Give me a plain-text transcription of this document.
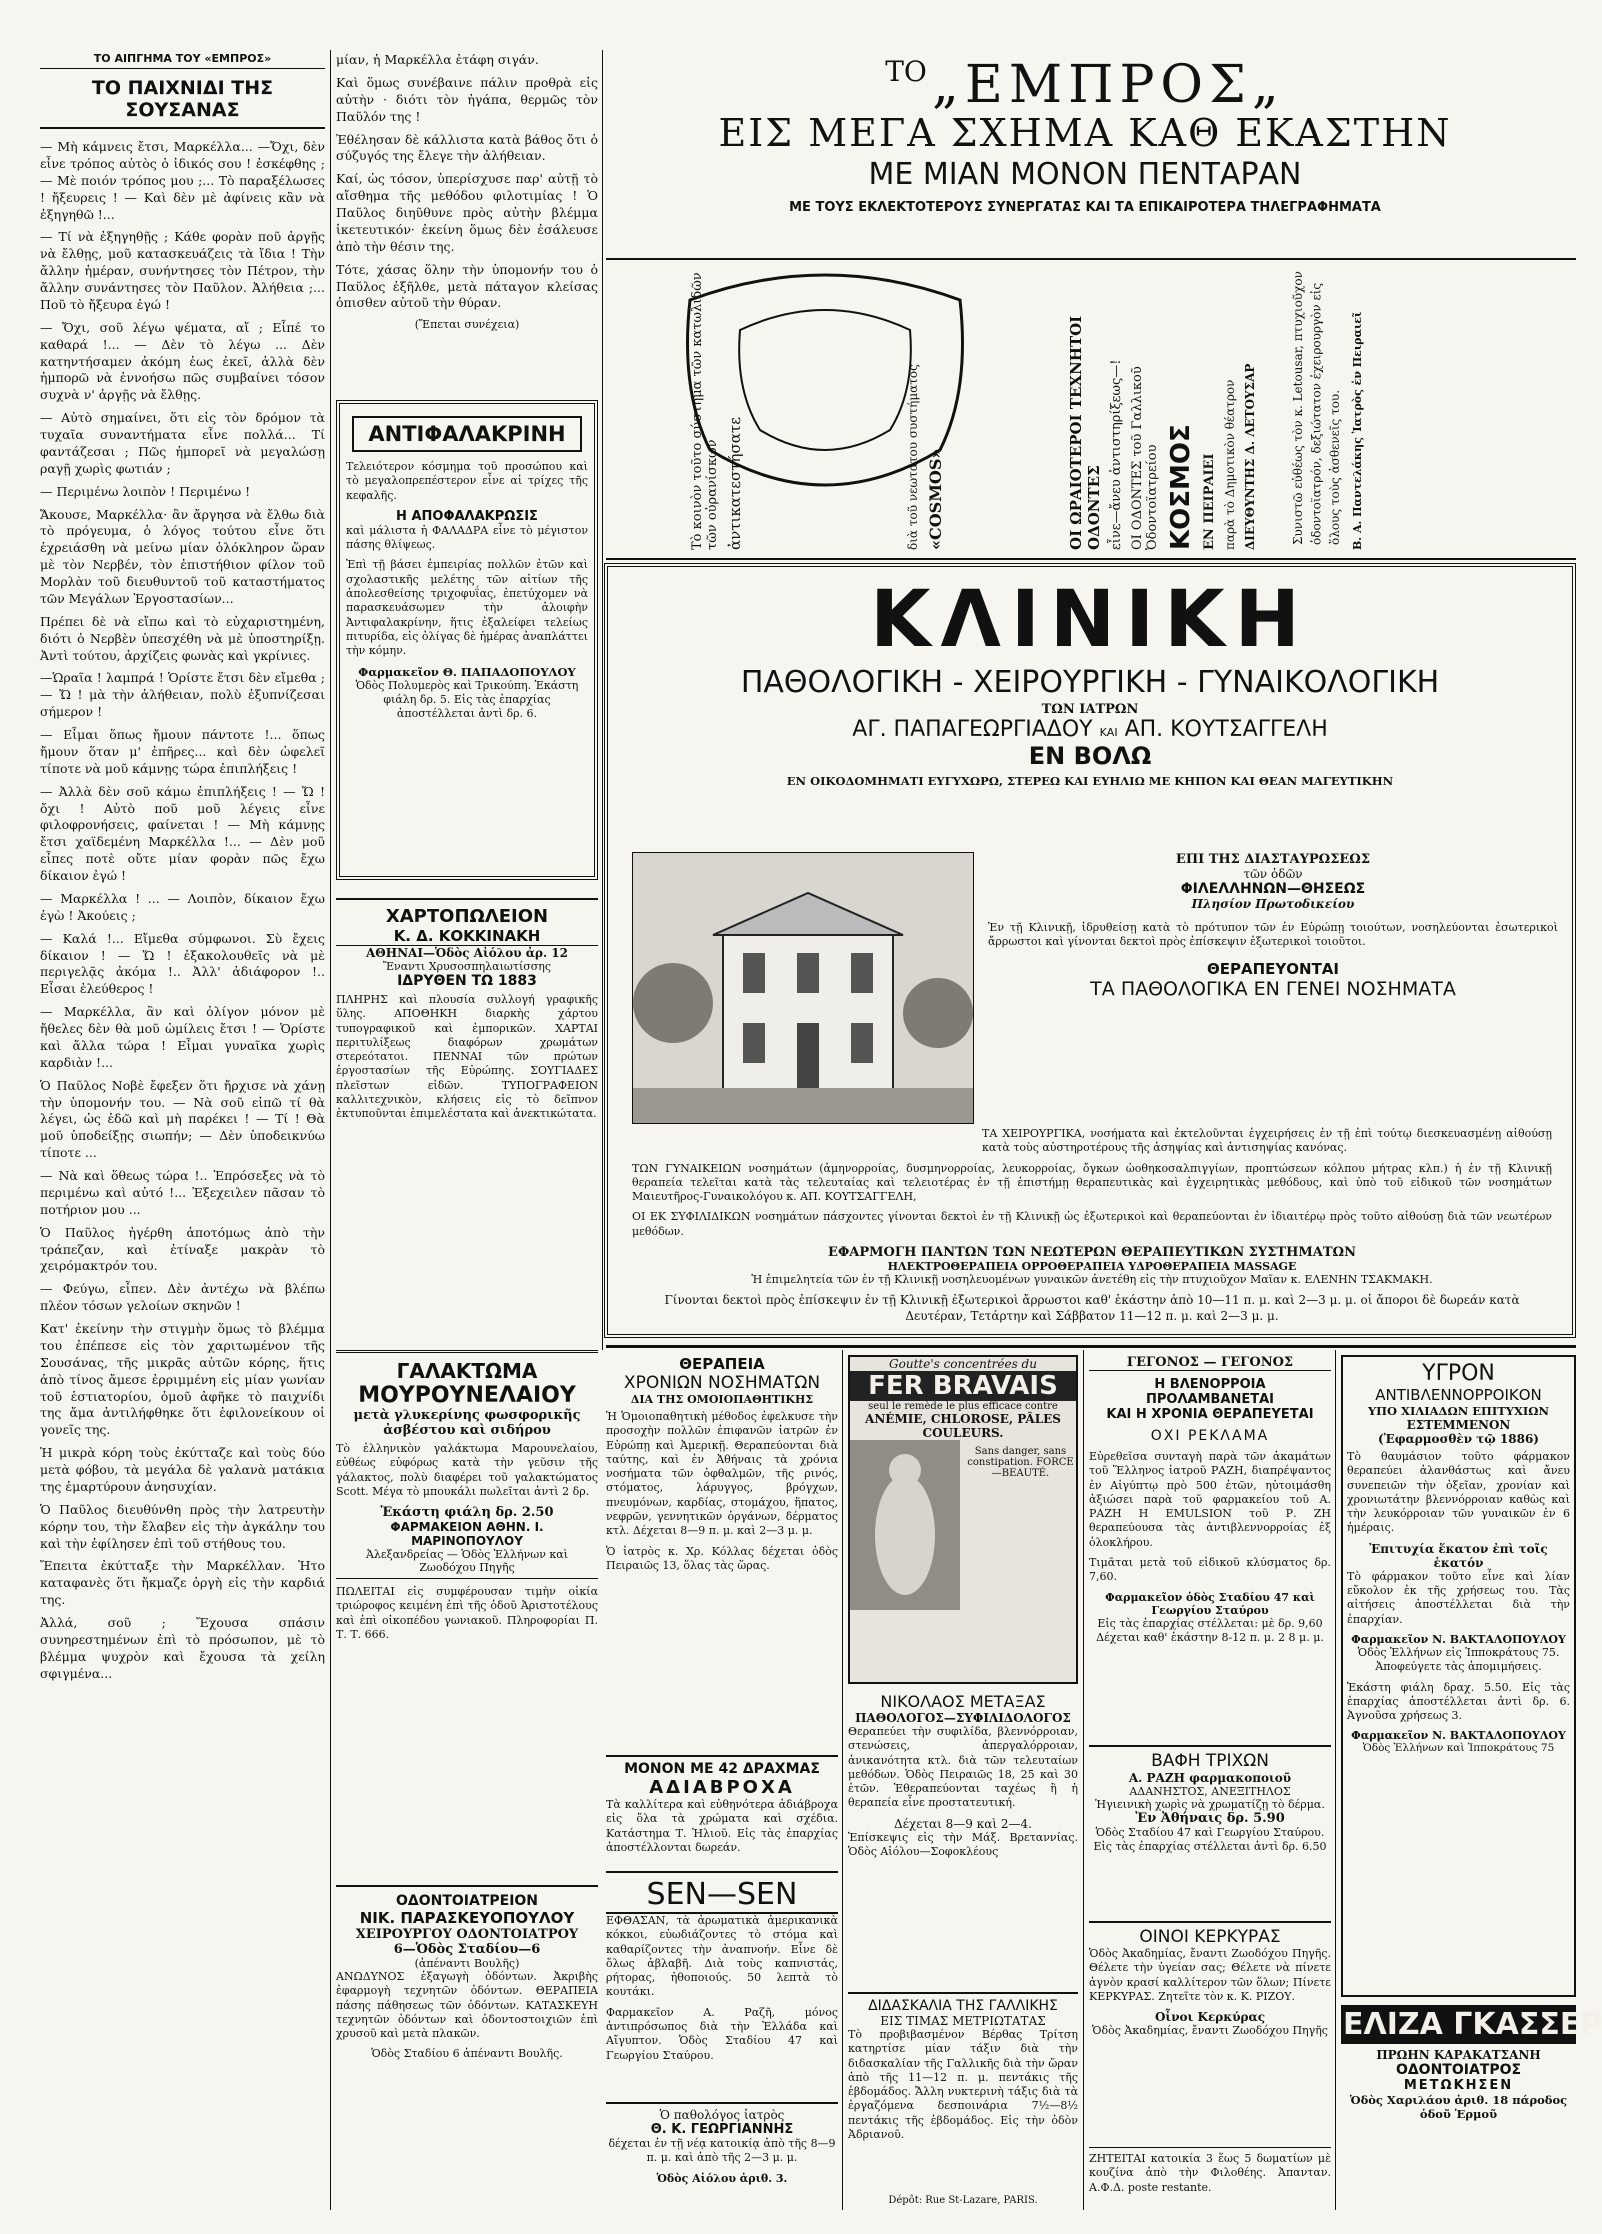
ΤΟ ΑΙΠΓΗΜΑ ΤΟΥ «ΕΜΠΡΟΣ»
ΤΟ ΠΑΙΧΝΙΔΙ ΤΗΣ ΣΟΥΣΑΝΑΣ

— Μὴ κάμνεις ἔτσι, Μαρκέλλα... —Ὄχι, δὲν εἶνε τρόπος αὐτὸς ὁ ἰδικός σου ! ἐσκέφθης ; — Μὲ ποιόν τρόπος μου ;... Τὸ παραξέλωσες ! ἤξευρεις ! — Καὶ δὲν μὲ ἀφίνεις κἂν νὰ ἐξηγηθῶ !...

— Τί νὰ ἐξηγηθῇς ; Κάθε φορὰν ποῦ ἀργῇς νὰ ἔλθῃς, μοῦ κατασκευάζεις τὰ ἴδια ! Τὴν ἄλλην ἡμέραν, συνήντησες τὸν Πέτρον, τὴν ἄλλην συνάντησες τὸν Παῦλον. Ἀλήθεια ;... Ποῦ τὸ ἤξευρα ἐγώ !

— Ὄχι, σοῦ λέγω ψέματα, αἴ ; Εἶπέ το καθαρά !... — Δὲν τὸ λέγω ... Δὲν κατηντήσαμεν ἀκόμη ἐως ἐκεῖ, ἀλλὰ δὲν ἠμπορῶ νὰ ἐννοήσω πῶς συμβαίνει τόσον συχνὰ ν' ἀργῇς νὰ ἔλθῃς.

— Αὐτὸ σημαίνει, ὅτι εἰς τὸν δρόμον τὰ τυχαῖα συναντήματα εἶνε πολλά... Τί φαντάζεσαι ; Πῶς ἠμπορεῖ νὰ μεγαλώσῃ ραγῇ χωρὶς φωτιάν ;

— Περιμένω λοιπὸν ! Περιμένω !

Ἄκουσε, Μαρκέλλα· ἂν ἄργησα νὰ ἔλθω διὰ τὸ πρόγευμα, ὁ λόγος τούτου εἶνε ὅτι ἐχρειάσθη νὰ μείνω μίαν ὁλόκληρον ὥραν μὲ τὸν Νερβέν, τὸν ἐπιστήθιον φίλον τοῦ Μορλὰν τοῦ διευθυντοῦ τοῦ καταστήματος τῶν Μεγάλων Ἐργοστασίων...

Πρέπει δὲ νὰ εἴπω καὶ τὸ εὐχαριστημένη, διότι ὁ Νερβὲν ὑπεσχέθη νὰ μὲ ὑποστηρίξῃ. Ἀντὶ τούτου, ἀρχίζεις φωνὰς καὶ γκρίνιες.

—Ὡραῖα ! λαμπρά ! Ὁρίστε ἔτσι δὲν εἴμεθα ; — Ὤ ! μὰ τὴν ἀλήθειαν, πολὺ ἐξυπνίζεσαι σήμερον !

— Εἶμαι ὅπως ἤμουν πάντοτε !... ὅπως ἤμουν ὅταν μ' ἐπῆρες... καὶ δὲν ὠφελεῖ τίποτε νὰ μοῦ κάμνῃς τώρα ἐπιπλήξεις !

— Ἀλλὰ δὲν σοῦ κάμω ἐπιπλήξεις ! — Ὤ ! ὄχι ! Αὐτὸ ποῦ μοῦ λέγεις εἶνε φιλοφρονήσεις, φαίνεται ! — Μὴ κάμνῃς ἔτσι χαϊδεμένη Μαρκέλλα !... — Δὲν μοῦ εἶπες ποτὲ οὔτε μίαν φορὰν πῶς ἔχω δίκαιον ἐγώ !

— Μαρκέλλα ! ... — Λοιπὸν, δίκαιον ἔχω ἐγὼ ! Ἀκούεις ;

— Καλά !... Εἴμεθα σύμφωνοι. Σὺ ἔχεις δίκαιον ! — Ὤ ! ἐξακολουθεῖς νὰ μὲ περιγελᾷς ἀκόμα !.. Ἀλλ' ἀδιάφορον !.. Εἶσαι ἐλεύθερος !

— Μαρκέλλα, ἂν καὶ ὀλίγον μόνον μὲ ἤθελες δὲν θὰ μοῦ ὡμίλεις ἔτσι ! — Ὁρίστε καὶ ἄλλα τώρα ! Εἶμαι γυναῖκα χωρὶς καρδιὰν !...

Ὁ Παῦλος Νοβὲ ἔφεξεν ὅτι ἤρχισε νὰ χάνῃ τὴν ὑπομονήν του. — Νὰ σοῦ εἰπῶ τί θὰ λέγει, ὡς ἐδῶ καὶ μὴ παρέκει ! — Τί ! Θὰ μοῦ ὑποδείξῃς σιωπήν; — Δὲν ὑποδεικνύω τίποτε ...

— Νὰ καὶ ὅθεως τώρα !.. Ἐπρόσεξες νὰ τὸ περιμένω καὶ αὐτό !... Ἐξεχειλεν πᾶσαν τὸ ποτήριον μου ...

Ὁ Παῦλος ἠγέρθη ἀποτόμως ἀπὸ τὴν τράπεζαν, καὶ ἐτίναξε μακρὰν τὸ χειρόμακτρόν του.

— Φεύγω, εἶπεν. Δὲν ἀντέχω νὰ βλέπω πλέον τόσων γελοίων σκηνῶν !

Κατ' ἐκείνην τὴν στιγμὴν ὅμως τὸ βλέμμα του ἐπέπεσε εἰς τὸν χαριτωμένον τῆς Σουσάνας, τῆς μικρᾶς αὐτῶν κόρης, ἥτις ἀπὸ τίνος ἄμεσε ἐρριμμένη εἰς μίαν γωνίαν τοῦ ἑστιατορίου, ὁμοῦ ἀφῆκε τὸ παιχνίδι της ἄμα ἀντιλήφθηκε ὅτι ἐφιλονείκουν οἱ γονεῖς της.

Ἡ μικρὰ κόρη τοὺς ἐκύτταζε καὶ τοὺς δύο μετὰ φόβου, τὰ μεγάλα δὲ γαλανὰ ματάκια της ἐμαρτύρουν ἀνησυχίαν.

Ὁ Παῦλος διευθύνθη πρὸς τὴν λατρευτὴν κόρην του, τὴν ἔλαβεν εἰς τὴν ἀγκάλην του καὶ τὴν ἐφίλησεν ἐπὶ τοῦ στήθους του.

Ἔπειτα ἐκύτταξε τὴν Μαρκέλλαν. Ἡτο καταφανὲς ὅτι ἤκμαζε ὀργὴ εἰς τὴν καρδιά της.

Ἀλλά, σοῦ ; Ἔχουσα σπάσιν συνηρεστημένων ἐπὶ τὸ πρόσωπον, μὲ τὸ βλέμμα ψυχρὸν καὶ ἔχουσα τὰ χείλη σφιγμένα...

μίαν, ἡ Μαρκέλλα ἐτάφη σιγάν.

Καὶ ὅμως συνέβαινε πάλιν προθρὰ εἰς αὐτὴν · διότι τὸν ἠγάπα, θερμῶς τὸν Παῦλόν της !

Ἐθέλησαν δὲ κάλλιστα κατὰ βάθος ὅτι ὁ σύζυγός της ἔλεγε τὴν ἀλήθειαν.

Καί, ὡς τόσον, ὑπερίσχυσε παρ' αὐτῇ τὸ αἴσθημα τῆς μεθόδου φιλοτιμίας ! Ὁ Παῦλος διηῦθυνε πρὸς αὐτὴν βλέμμα ἱκετευτικόν· ἐκείνη ὅμως δὲν ἐσάλευσε ἀπὸ τὴν θέσιν της.

Τότε, χάσας ὅλην τὴν ὑπομονήν του ὁ Παῦλος ἐξῆλθε, μετὰ πάταγον κλείσας ὀπισθεν αὐτοῦ τὴν θύραν.

(Ἔπεται συνέχεια)

ΑΝΤΙΦΑΛΑΚΡΙΝΗ

Τελειότερον κόσμημα τοῦ προσώπου καὶ τὸ μεγαλοπρεπέστερον εἶνε αἱ τρίχες τῆς κεφαλῆς.

Η ΑΠΟΦΑΛΑΚΡΩΣΙΣ

καὶ μάλιστα ἡ ΦΑΛΑΔΡΑ εἶνε τὸ μέγιστον πάσης θλίψεως.

Ἐπὶ τῇ βάσει ἐμπειρίας πολλῶν ἐτῶν καὶ σχολαστικῆς μελέτης τῶν αἰτίων τῆς ἀπολεσθείσης τριχοφυΐας, ἐπετύχομεν νὰ παρασκευάσωμεν τὴν ἀλοιφὴν Ἀντιφαλακρίνην, ἥτις ἐξαλείφει τελείως πιτυρίδα, εἰς ὀλίγας δὲ ἡμέρας ἀναπλάττει τὴν κόμην.

Φαρμακεῖον Θ. ΠΑΠΑΔΟΠΟΥΛΟΥ

Ὁδὸς Πολυμερὸς καὶ Τρικούπη. Ἑκάστη φιάλη δρ. 5. Εἰς τὰς ἐπαρχίας ἀποστέλλεται ἀντὶ δρ. 6.

ΧΑΡΤΟΠΩΛΕΙΟΝ
Κ. Δ. ΚΟΚΚΙΝΑΚΗ
ΑΘΗΝΑΙ—Ὁδὸς Αἰόλου ἀρ. 12
Ἔναντι Χρυσοσπηλαιωτίσσης
ΙΔΡΥΘΕΝ ΤΩ 1883

ΠΛΗΡΗΣ καὶ πλουσία συλλογή γραφικῆς ὕλης. ΑΠΟΘΗΚΗ διαρκὴς χάρτου τυπογραφικοῦ καὶ ἐμπορικῶν. ΧΑΡΤΑΙ περιτυλίξεως διαφόρων χρωμάτων στερεότατοι. ΠΕΝΝΑΙ τῶν πρώτων ἐργοστασίων τῆς Εὐρώπης. ΣΟΥΓΙΑΔΕΣ πλεῖστων εἰδῶν. ΤΥΠΟΓΡΑΦΕΙΟΝ καλλιτεχνικὸν, κλήσεις εἰς τὸ δεῖπνον ἐκτυποῦνται ἐπιμελέστατα καὶ ἀνεκτικώτατα.

ΓΑΛΑΚΤΩΜΑ
ΜΟΥΡΟΥΝΕΛΑΙΟΥ
μετὰ γλυκερίνης φωσφορικῆς ἀσβέστου καὶ σιδήρου

Τὸ ἐλληνικὸν γαλάκτωμα Μαρουνελαίου, εὐθέως εὐφόρως κατὰ τὴν γεῦσιν τῆς γάλακτος, πολὺ διαφέρει τοῦ γαλακτώματος Scott. Μέγα τὸ μπουκάλι πωλεῖται ἀντὶ 2 δρ.

Ἑκάστη φιάλη δρ. 2.50
ΦΑΡΜΑΚΕΙΟΝ ΑΘΗΝ. Ι. ΜΑΡΙΝΟΠΟΥΛΟΥ
Ἀλεξανδρείας — Ὁδὸς Ἑλλήνων καὶ Ζωοδόχου Πηγῆς

ΠΩΛΕΙΤΑΙ εἰς συμφέρουσαν τιμὴν οἰκία τριώροφος κειμένη ἐπὶ τῆς ὁδοῦ Ἀριστοτέλους καὶ ἐπὶ οἰκοπέδου γωνιακοῦ. Πληροφορίαι Π. Τ. Τ. 666.

ΟΔΟΝΤΟΙΑΤΡΕΙΟΝ
ΝΙΚ. ΠΑΡΑΣΚΕΥΟΠΟΥΛΟΥ
ΧΕΙΡΟΥΡΓΟΥ ΟΔΟΝΤΟΙΑΤΡΟΥ
6—Ὁδὸς Σταδίου—6
(ἀπέναντι Βουλῆς)

ΑΝΩΔΥΝΟΣ ἐξαγωγὴ ὀδόντων. Ἀκριβὴς ἐφαρμογὴ τεχνητῶν ὀδόντων. ΘΕΡΑΠΕΙΑ πάσης πάθησεως τῶν ὀδόντων. ΚΑΤΑΣΚΕΥΗ τεχνητῶν ὀδόντων καὶ ὀδοντοστοιχιῶν ἐπὶ χρυσοῦ καὶ μετὰ πλακῶν.

Ὁδὸς Σταδίου 6 ἀπέναντι Βουλῆς.
ΤΟ „ΕΜΠΡΟΣ„
ΕΙΣ ΜΕΓΑ ΣΧΗΜΑ ΚΑΘ ΕΚΑΣΤΗΝ
ΜΕ ΜΙΑΝ ΜΟΝΟΝ ΠΕΝΤΑΡΑΝ
ΜΕ ΤΟΥΣ ΕΚΛΕΚΤΟΤΕΡΟΥΣ ΣΥΝΕΡΓΑΤΑΣ ΚΑΙ ΤΑ ΕΠΙΚΑΙΡΟΤΕΡΑ ΤΗΛΕΓΡΑΦΗΜΑΤΑ
Τὸ κοινὸν τοῦτο σύστημα τῶν κατωλιδῶν τῶν οὐρανίσκων ἀντικατεστήσατε	διὰ τοῦ νεωτάτου συστήματος «COSMOS»	ΟΙ ΩΡΑΙΟΤΕΡΟΙ ΤΕΧΝΗΤΟΙ ΟΔΟΝΤΕΣ εἶνε—ἄνευ ἀντιστηρίξεως—! ΟΙ ΟΔΟΝΤΕΣ τοῦ Γαλλικοῦ Ὀδοντοϊατρείου ΚΟΣΜΟΣ ΕΝ ΠΕΙΡΑΙΕΙ παρὰ τὸ Δημοτικὸν θέατρον ΔΙΕΥΘΥΝΤΗΣ Δ. ΛΕΤΟΥΣΑΡ	Συνιστῶ εὐθέως τὸν κ. Letousar, πτυχιοῦχον ὀδοντοϊατρόν, δεξιώτατον ἐχειρουργὸν εἰς ὅλους τοὺς ἀσθενεῖς του. Β. Α. Παντελάκης Ἰατρὸς ἐν Πειραιεῖ
ΚΛΙΝΙΚΗ
ΠΑΘΟΛΟΓΙΚΗ - ΧΕΙΡΟΥΡΓΙΚΗ - ΓΥΝΑΙΚΟΛΟΓΙΚΗ
ΤΩΝ ΙΑΤΡΩΝ
ΑΓ. ΠΑΠΑΓΕΩΡΓΙΑΔΟΥ ΚΑΙ ΑΠ. ΚΟΥΤΣΑΓΓΕΛΗ
ΕΝ ΒΟΛΩ
ΕΝ ΟΙΚΟΔΟΜΗΜΑΤΙ ΕΥΓΥΧΩΡΩ, ΣΤΕΡΕΩ ΚΑΙ ΕΥΗΛΙΩ ΜΕ ΚΗΠΟΝ ΚΑΙ ΘΕΑΝ ΜΑΓΕΥΤΙΚΗΝ
ΕΠΙ ΤΗΣ ΔΙΑΣΤΑΥΡΩΣΕΩΣ
τῶν ὁδῶν
ΦΙΛΕΛΛΗΝΩΝ—ΘΗΣΕΩΣ
Πλησίον Πρωτοδικείου

Ἐν τῇ Κλινικῇ, ἱδρυθείσῃ κατὰ τὸ πρότυπον τῶν ἐν Εὐρώπῃ τοιούτων, νοσηλεύονται ἐσωτερικοὶ ἄρρωστοι καὶ γίνονται δεκτοὶ πρὸς ἐπίσκεψιν ἐξωτερικοὶ τοιοῦτοι.

ΘΕΡΑΠΕΥΟΝΤΑΙ
ΤΑ ΠΑΘΟΛΟΓΙΚΑ ΕΝ ΓΕΝΕΙ ΝΟΣΗΜΑΤΑ

ΤΑ ΧΕΙΡΟΥΡΓΙΚΑ, νοσήματα καὶ ἐκτελοῦνται ἐγχειρήσεις ἐν τῇ ἐπὶ τούτῳ διεσκευασμένῃ αἰθούσῃ κατὰ τοὺς αὐστηροτέρους τῆς ἀσηψίας καὶ ἀντισηψίας κανόνας.

ΤΩΝ ΓΥΝΑΙΚΕΙΩΝ νοσημάτων (ἀμηνορροίας, δυσμηνορροίας, λευκορροίας, ὄγκων ὠοθηκοσαλπιγγίων, προπτώσεων κόλπου μήτρας κλπ.) ἡ ἐν τῇ Κλινικῇ θεραπεία τελεῖται κατὰ τὰς τελευταίας καὶ τελειοτέρας ἐν τῇ ἐπιστήμῃ θεραπευτικὰς καὶ ἐγχειρητικὰς μεθόδους, καὶ ὑπὸ τοῦ εἰδικοῦ τῶν νοσημάτων Μαιευτῆρος-Γυναικολόγου κ. ΑΠ. ΚΟΥΤΣΑΓΓΕΛΗ,

ΟΙ ΕΚ ΣΥΦΙΛΙΔΙΚΩΝ νοσημάτων πάσχοντες γίνονται δεκτοὶ ἐν τῇ Κλινικῇ ὡς ἐξωτερικοὶ καὶ θεραπεύονται ἐν ἰδιαιτέρῳ πρὸς τοῦτο αἰθούσῃ διὰ τῶν νεωτέρων μεθόδων.

ΕΦΑΡΜΟΓΗ ΠΑΝΤΩΝ ΤΩΝ ΝΕΩΤΕΡΩΝ ΘΕΡΑΠΕΥΤΙΚΩΝ ΣΥΣΤΗΜΑΤΩΝ
ΗΛΕΚΤΡΟΘΕΡΑΠΕΙΑ ΟΡΡΟΘΕΡΑΠΕΙΑ ΥΔΡΟΘΕΡΑΠΕΙΑ MASSAGE

Ἡ ἐπιμελητεία τῶν ἐν τῇ Κλινικῇ νοσηλευομένων γυναικῶν ἀνετέθη εἰς τὴν πτυχιοῦχον Μαῖαν κ. ΕΛΕΝΗΝ ΤΣΑΚΜΑΚΗ.

Γίνονται δεκτοὶ πρὸς ἐπίσκεψιν ἐν τῇ Κλινικῇ ἐξωτερικοὶ ἄρρωστοι καθ' ἑκάστην ἀπὸ 10—11 π. μ. καὶ 2—3 μ. μ. οἱ ἄποροι δὲ δωρεάν κατὰ Δευτέραν, Τετάρτην καὶ Σάββατον 11—12 π. μ. καὶ 2—3 μ. μ.

ΘΕΡΑΠΕΙΑ
ΧΡΟΝΙΩΝ ΝΟΣΗΜΑΤΩΝ
ΔΙΑ ΤΗΣ ΟΜΟΙΟΠΑΘΗΤΙΚΗΣ

Ἡ Ὁμοιοπαθητικὴ μέθοδος ἐφελκυσε τὴν προσοχὴν πολλῶν ἐπιφανῶν ἰατρῶν ἐν Εὐρώπῃ καὶ Ἀμερικῇ. Θεραπεύονται διὰ ταύτης, καὶ ἐν Ἀθήναις τὰ χρόνια νοσήματα τῶν ὀφθαλμῶν, τῆς ρινός, στόματος, λάρυγγος, βρόγχων, πνευμόνων, καρδίας, στομάχου, ἥπατος, νεφρῶν, γεννητικῶν ὀργάνων, δέρματος κτλ. Δέχεται 8—9 π. μ. καὶ 2—3 μ. μ.

Ὁ ἰατρὸς κ. Χρ. Κόλλας δέχεται ὁδὸς Πειραιῶς 13, ὅλας τὰς ὥρας.

ΜΟΝΟΝ ΜΕ 42 ΔΡΑΧΜΑΣ
ΑΔΙΑΒΡΟΧΑ

Τὰ καλλίτερα καὶ εὐθηνότερα ἀδιάβροχα εἰς ὅλα τὰ χρώματα καὶ σχέδια. Κατάστημα Τ. Ἡλιοῦ. Εἰς τὰς ἐπαρχίας ἀποστέλλονται δωρεάν.

SEN—SEN

ΕΦΘΑΣΑΝ, τὰ ἀρωματικὰ ἀμερικανικὰ κόκκοι, εὐωδιάζοντες τὸ στόμα καὶ καθαρίζοντες τὴν ἀναπνοήν. Εἶνε δὲ ὅλως ἀβλαβῆ. Διὰ τοὺς καπνιστάς, ρήτορας, ἠθοποιούς. 50 λεπτὰ τὸ κουτάκι.

Φαρμακεῖον Α. Ραζῆ, μόνος ἀντιπρόσωπος διὰ τὴν Ἑλλάδα καὶ Αἴγυπτον. Ὁδὸς Σταδίου 47 καὶ Γεωργίου Σταύρου.

Ὁ παθολόγος ἰατρὸς
Θ. Κ. ΓΕΩΡΓΙΑΝΝΗΣ

δέχεται ἐν τῇ νέᾳ κατοικίᾳ ἀπὸ τῆς 8—9 π. μ. καὶ ἀπὸ τῆς 2—3 μ. μ.

Ὁδὸς Αἰόλου ἀριθ. 3.
Goutte's concentrées du
FER BRAVAIS
seul le remède le plus efficace contre
ANÉMIE, CHLOROSE, PÂLES COULEURS.
Sans danger, sans constipation. FORCE—BEAUTÉ.
Dépôt: Rue St-Lazare, PARIS.
ΝΙΚΟΛΑΟΣ ΜΕΤΑΞΑΣ
ΠΑΘΟΛΟΓΟΣ—ΣΥΦΙΛΙΔΟΛΟΓΟΣ

Θεραπεύει τὴν συφιλίδα, βλεννόρροιαν, στενώσεις, ἀπεργαλόρροιαν, ἀνικανότητα κτλ. διὰ τῶν τελευταίων μεθόδων. Ὁδὸς Πειραιῶς 18, 25 καὶ 30 ἐτῶν. Ἐθεραπεύονται ταχέως ἢ ἡ θεραπεία εἶνε προστατευτική.

Δέχεται 8—9 καὶ 2—4.

Ἐπίσκεψις εἰς τὴν Μάξ. Βρεταννίας. Ὁδὸς Αἰόλου—Σοφοκλέους

ΔΙΔΑΣΚΑΛΙΑ ΤΗΣ ΓΑΛΛΙΚΗΣ
ΕΙΣ ΤΙΜΑΣ ΜΕΤΡΙΩΤΑΤΑΣ

Τὸ προβιβασμένον Βέρθας Τρίτση κατηρτίσε μίαν τάξιν διὰ τὴν διδασκαλίαν τῆς Γαλλικῆς διὰ τὴν ὥραν ἀπὸ τῆς 11—12 π. μ. πεντάκις τῆς ἑβδομάδος. Ἄλλη νυκτερινὴ τάξις διὰ τὰ ἐργαζόμενα δεσποινάρια 7½—8½ πεντάκις τῆς ἑβδομάδος. Εἰς τὴν ὁδὸν Ἀδριανοῦ.

ΓΕΓΟΝΟΣ — ΓΕΓΟΝΟΣ
Η ΒΛΕΝΟΡΡΟΙΑ ΠΡΟΛΑΜΒΑΝΕΤΑΙ
ΚΑΙ Η ΧΡΟΝΙΑ ΘΕΡΑΠΕΥΕΤΑΙ
ΟΧΙ ΡΕΚΛΑΜΑ

Εὐρεθεῖσα συνταγὴ παρὰ τῶν ἀκαμάτων τοῦ Ἕλληνος ἰατροῦ ΡΑΖΗ, διαπρέψαντος ἐν Αἰγύπτῳ πρὸ 500 ἐτῶν, ηὑτοιμάσθη ἀξιώσει παρὰ τοῦ φαρμακείου τοῦ Α. ΡΑΖΗ Η EMULSION τοῦ Ρ. ΖΗ θεραπεύουσα τὰς ἀντιβλεννορροίας ἐξ ὁλοκλήρου.

Τιμᾶται μετὰ τοῦ εἰδικοῦ κλύσματος δρ. 7,60.

Φαρμακεῖον ὁδὸς Σταδίου 47 καὶ Γεωργίου Σταύρου

Εἰς τὰς ἐπαρχίας στέλλεται: μὲ δρ. 9,60 Δέχεται καθ' ἑκάστην 8-12 π. μ. 2 8 μ. μ.

ΒΑΦΗ ΤΡΙΧΩΝ
Α. ΡΑΖΗ φαρμακοποιοῦ
ΑΔΑΝΗΣΤΟΣ, ΑΝΕΞΙΤΗΛΟΣ
Ἡγιεινικὴ χωρὶς νὰ χρωματίζῃ τὸ δέρμα.
Ἐν Ἀθήναις δρ. 5.90

Ὁδὸς Σταδίου 47 καὶ Γεωργίου Σταύρου. Εἰς τὰς ἐπαρχίας στέλλεται ἀντὶ δρ. 6.50

ΟΙΝΟΙ ΚΕΡΚΥΡΑΣ

Ὁδὸς Ἀκαδημίας, ἔναντι Ζωοδόχου Πηγῆς. Θέλετε τὴν ὑγείαν σας; Θέλετε νὰ πίνετε ἀγνὸν κρασί καλλίτερον τῶν ὅλων; Πίνετε ΚΕΡΚΥΡΑΣ. Ζητεῖτε τὸν κ. Κ. ΡΙΖΟΥ.

Οἶνοι Κερκύρας
Ὁδὸς Ἀκαδημίας, ἔναντι Ζωοδόχου Πηγῆς

ΖΗΤΕΙΤΑΙ κατοικία 3 ἕως 5 δωματίων μὲ κουζίνα ἀπὸ τὴν Φιλοθέης. Ἀπανταν. Α.Φ.Δ. poste restante.

ΥΓΡΟΝ
ΑΝΤΙΒΛΕΝΝΟΡΡΟΙΚΟΝ
ΥΠΟ ΧΙΛΙΑΔΩΝ ΕΠΙΤΥΧΙΩΝ
ΕΣΤΕΜΜΕΝΟΝ
(Ἐφαρμοσθὲν τῷ 1886)

Τὸ θαυμάσιον τοῦτο φάρμακον θεραπεύει ἀλανθάστως καὶ ἄνευ συνεπειῶν τὴν ὀξεῖαν, χρονίαν καὶ χρονιωτάτην βλεννόρροιαν καθὼς καὶ τὴν λευκόρροιαν τῶν γυναικῶν ἐν 6 ἡμέραις.

Ἐπιτυχία ἕκατον ἐπὶ τοῖς ἑκατόν

Τὸ φάρμακον τοῦτο εἶνε καὶ λίαν εὔκολον ἐκ τῆς χρήσεως του. Τὰς αἰτήσεις ἀποστέλλεται διὰ τὴν ἐπαρχίαν.

Φαρμακεῖον Ν. ΒΑΚΤΑΛΟΠΟΥΛΟΥ

Ὁδὸς Ἑλλήνων εἰς Ἱπποκράτους 75. Ἀποφεύγετε τὰς ἀπομιμήσεις.

Ἑκάστη φιάλη δραχ. 5.50. Εἰς τὰς ἐπαρχίας ἀποστέλλεται ἀντὶ δρ. 6. Ἀγνοῦσα χρήσεως 3.

Φαρμακεῖον Ν. ΒΑΚΤΑΛΟΠΟΥΛΟΥ
Ὁδὸς Ἑλλήνων καὶ Ἱπποκράτους 75
ΕΛΙΖΑ ΓΚΑΣΣΕΡ
ΠΡΩΗΝ ΚΑΡΑΚΑΤΣΑΝΗ
ΟΔΟΝΤΟΙΑΤΡΟΣ
ΜΕΤΩΚΗΣΕΝ
Ὁδὸς Χαριλάου ἀριθ. 18 πάροδος ὁδοῦ Ἑρμοῦ
